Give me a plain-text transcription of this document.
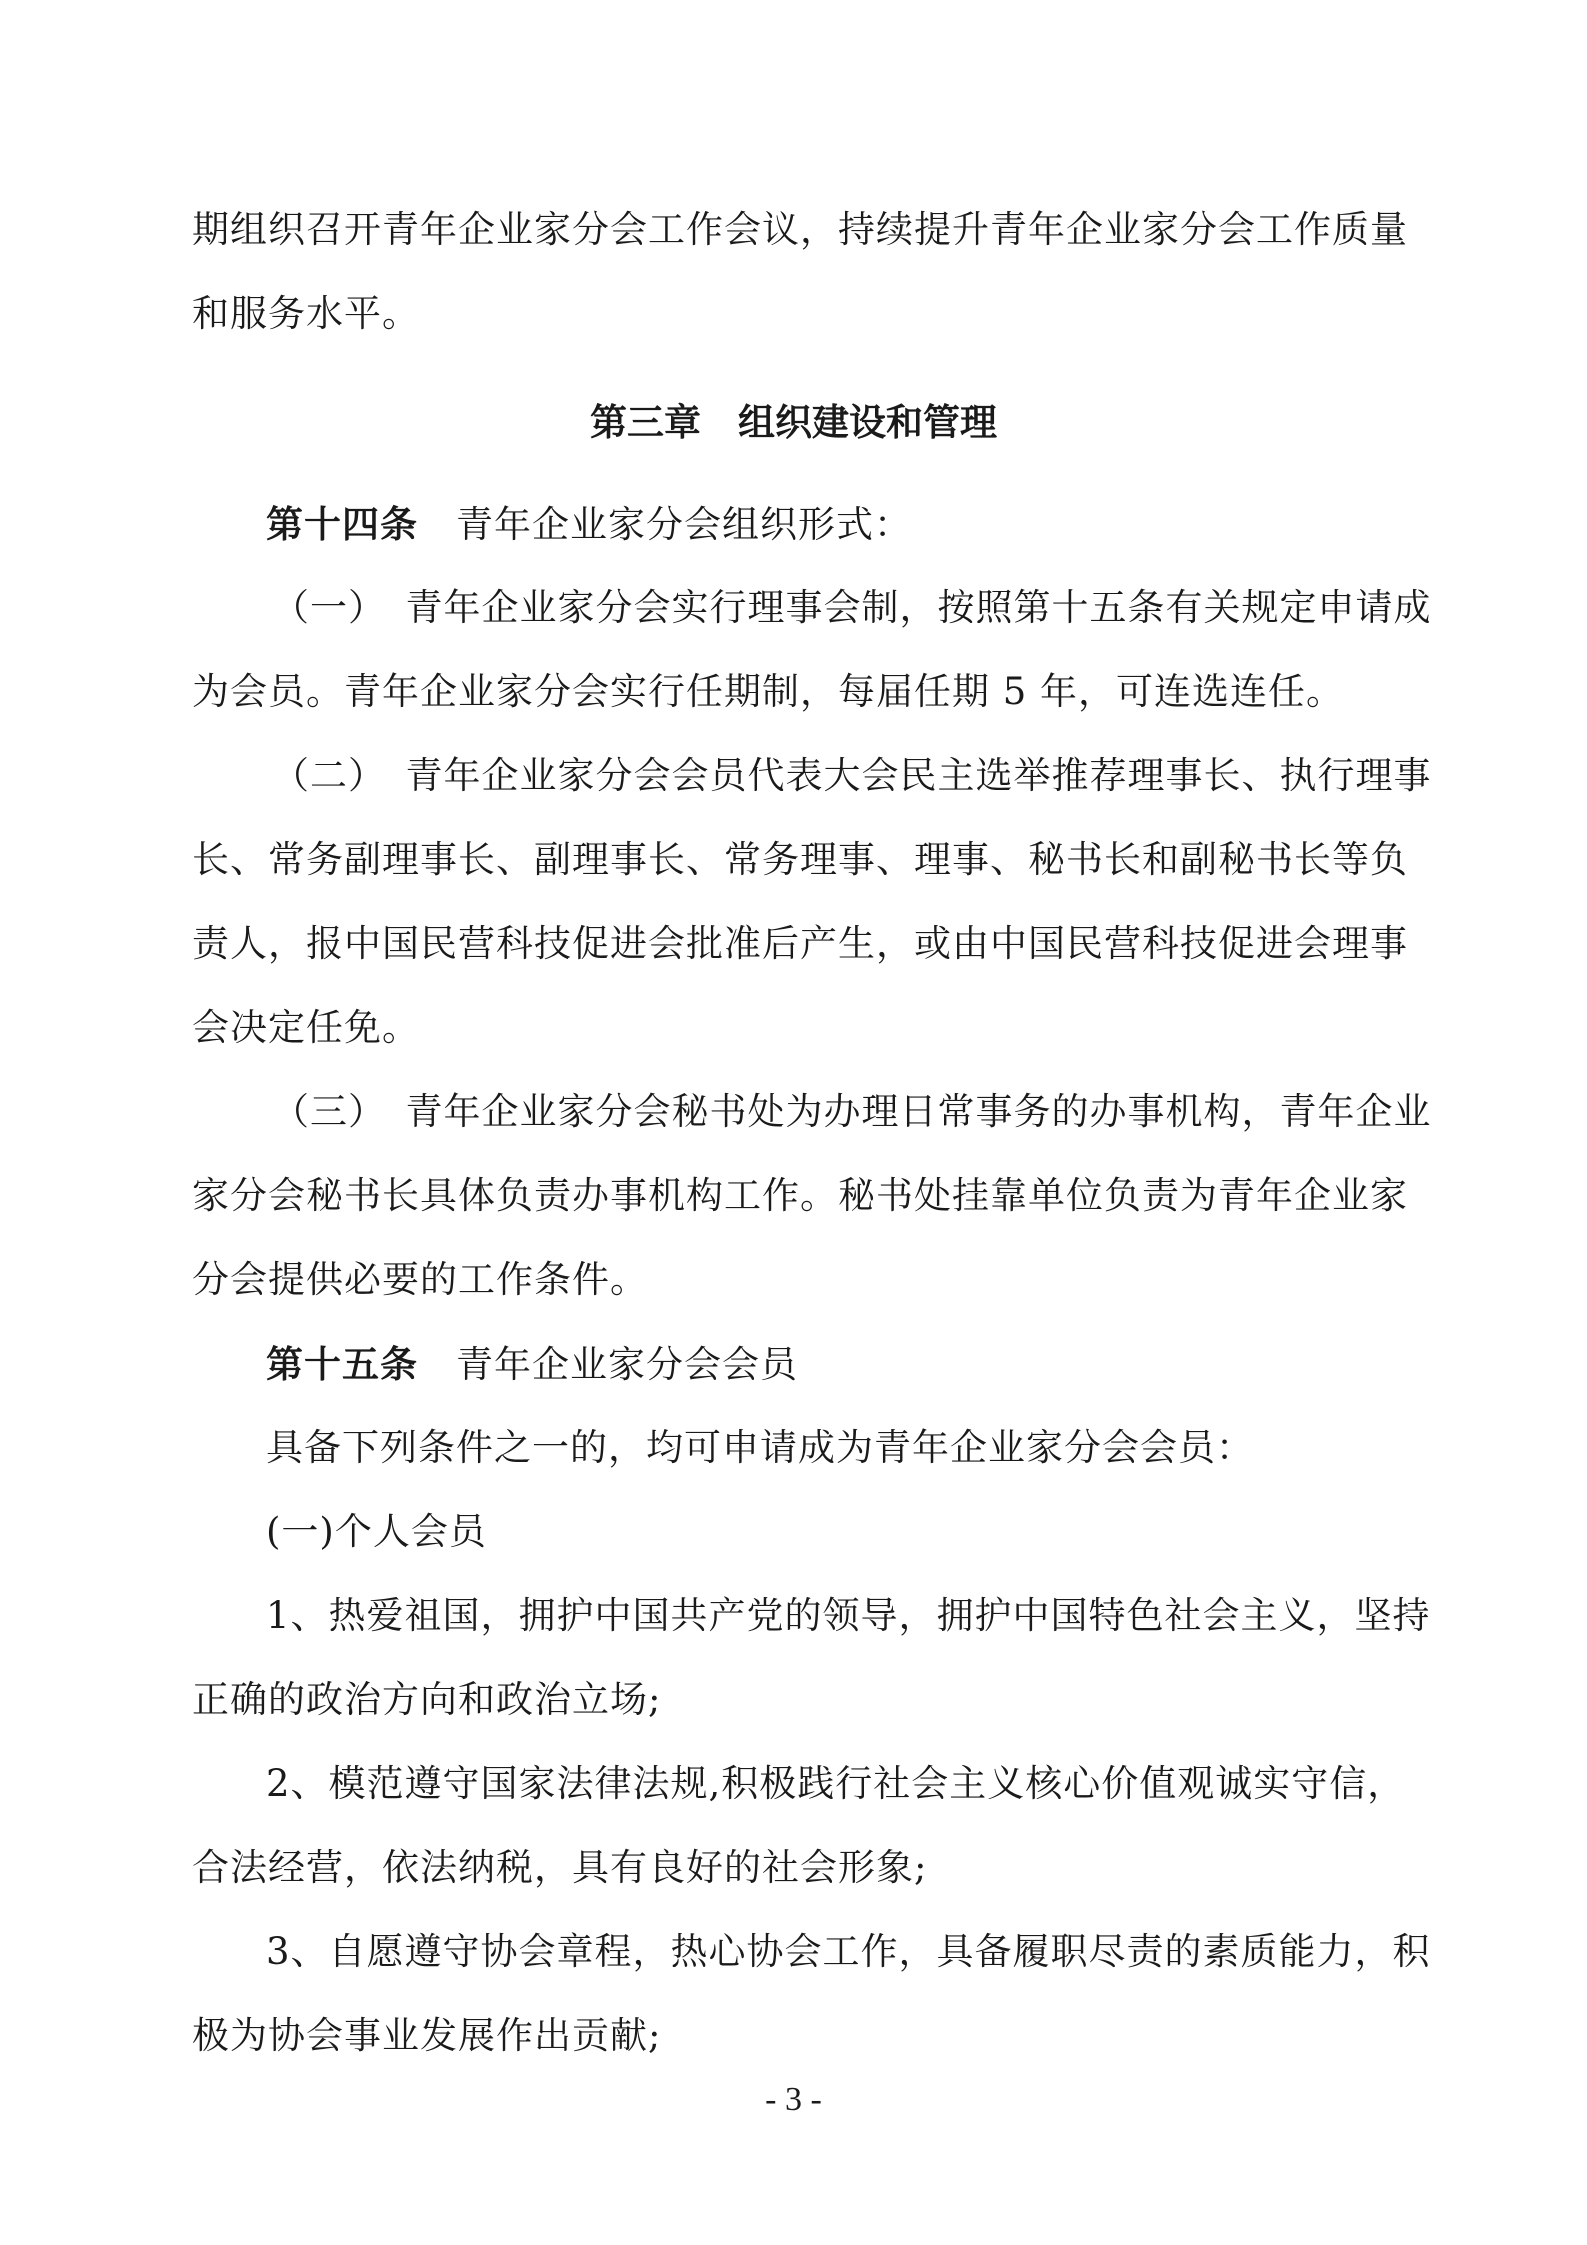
期组织召开青年企业家分会工作会议，持续提升青年企业家分会工作质量
和服务水平。
第三章　组织建设和管理
第十四条 青年企业家分会组织形式：
（一）　青年企业家分会实行理事会制，按照第十五条有关规定申请成
为会员。青年企业家分会实行任期制，每届任期 5 年，可连选连任。
（二）　青年企业家分会会员代表大会民主选举推荐理事长、执行理事
长、常务副理事长、副理事长、常务理事、理事、秘书长和副秘书长等负
责人，报中国民营科技促进会批准后产生，或由中国民营科技促进会理事
会决定任免。
（三）　青年企业家分会秘书处为办理日常事务的办事机构，青年企业
家分会秘书长具体负责办事机构工作。秘书处挂靠单位负责为青年企业家
分会提供必要的工作条件。
第十五条 青年企业家分会会员
具备下列条件之一的，均可申请成为青年企业家分会会员：
(一)个人会员
1、热爱祖国，拥护中国共产党的领导，拥护中国特色社会主义，坚持
正确的政治方向和政治立场;
2、模范遵守国家法律法规,积极践行社会主义核心价值观诚实守信，
合法经营，依法纳税，具有良好的社会形象;
3、自愿遵守协会章程，热心协会工作，具备履职尽责的素质能力，积
极为协会事业发展作出贡献;
- 3 -
